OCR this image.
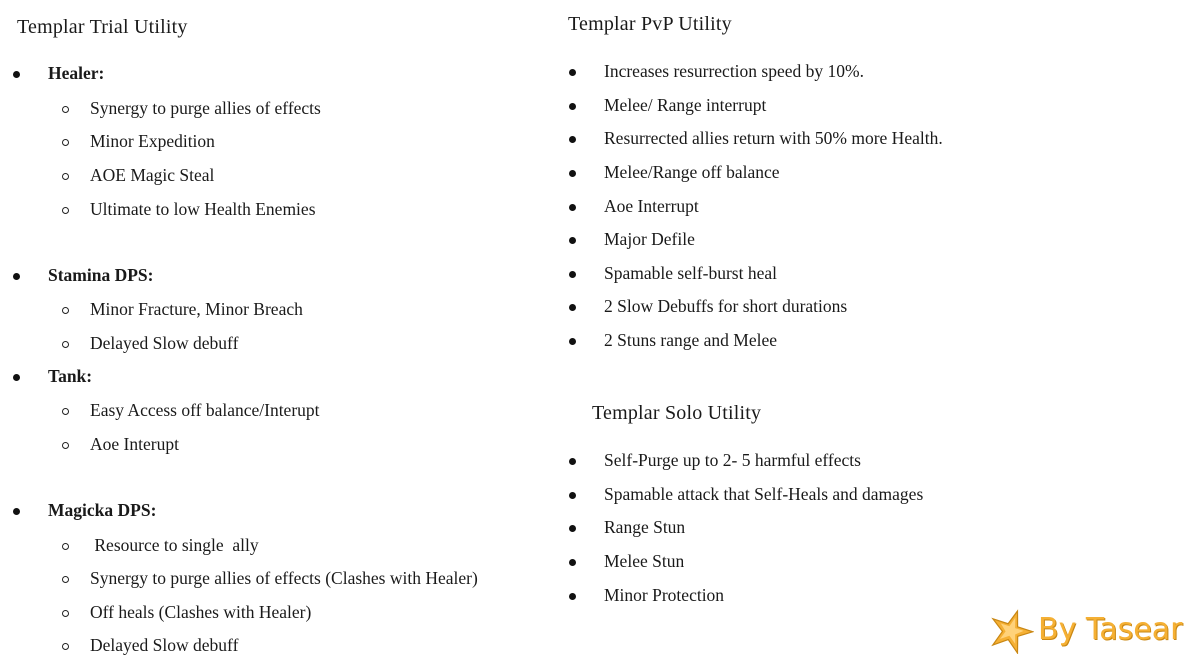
Templar Trial Utility
Healer:
Synergy to purge allies of effects
Minor Expedition
AOE Magic Steal
Ultimate to low Health Enemies
Stamina DPS:
Minor Fracture, Minor Breach
Delayed Slow debuff
Tank:
Easy Access off balance/Interupt
Aoe Interupt
Magicka DPS:
Resource to single  ally
Synergy to purge allies of effects (Clashes with Healer)
Off heals (Clashes with Healer)
Delayed Slow debuff
Templar PvP Utility
Increases resurrection speed by 10%.
Melee/ Range interrupt
Resurrected allies return with 50% more Health.
Melee/Range off balance
Aoe Interrupt
Major Defile
Spamable self-burst heal
2 Slow Debuffs for short durations
2 Stuns range and Melee
Templar Solo Utility
Self-Purge up to 2- 5 harmful effects
Spamable attack that Self-Heals and damages
Range Stun
Melee Stun
Minor Protection
By Tasear
